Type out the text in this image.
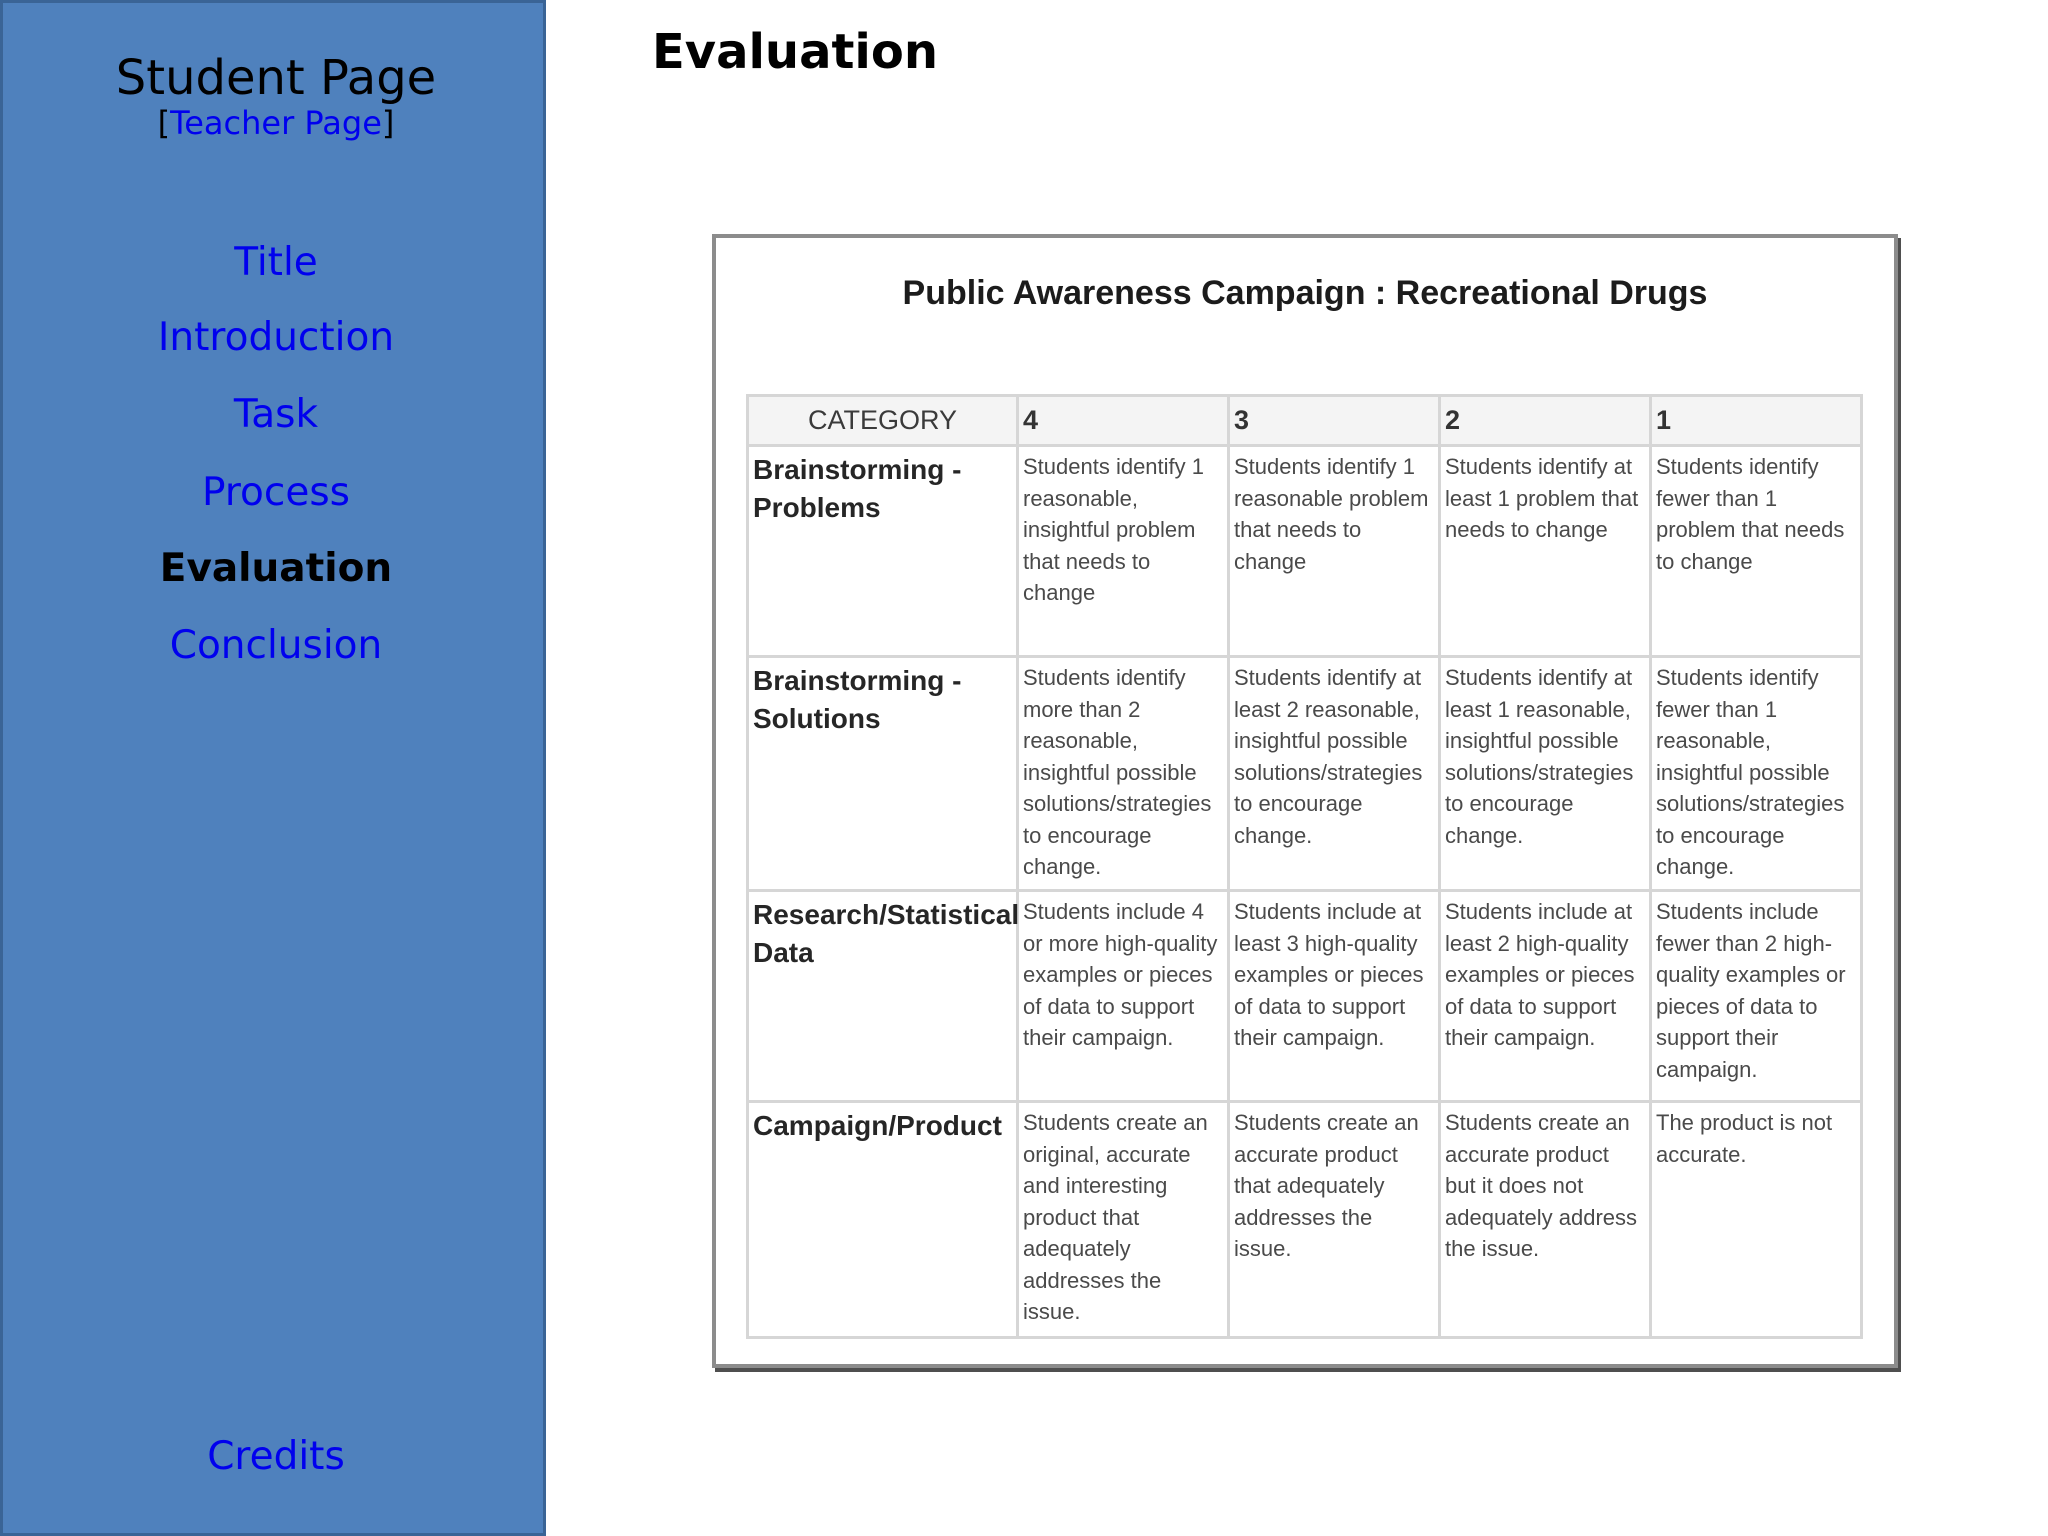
Student Page
[Teacher Page]
Title
Introduction
Task
Process
Evaluation
Conclusion
Credits
Evaluation
Public Awareness Campaign : Recreational Drugs
CATEGORY	4	3	2	1
Brainstorming - Problems	Students identify 1 reasonable, insightful problem that needs to change	Students identify 1 reasonable problem that needs to change	Students identify at least 1 problem that needs to change	Students identify fewer than 1 problem that needs to change
Brainstorming - Solutions	Students identify more than 2 reasonable, insightful possible solutions/strategies to encourage change.	Students identify at least 2 reasonable, insightful possible solutions/strategies to encourage change.	Students identify at least 1 reasonable, insightful possible solutions/strategies to encourage change.	Students identify fewer than 1 reasonable, insightful possible solutions/strategies to encourage change.
Research/Statistical Data	Students include 4 or more high-quality examples or pieces of data to support their campaign.	Students include at least 3 high-quality examples or pieces of data to support their campaign.	Students include at least 2 high-quality examples or pieces of data to support their campaign.	Students include fewer than 2 high-quality examples or pieces of data to support their campaign.
Campaign/Product	Students create an original, accurate and interesting product that adequately addresses the issue.	Students create an accurate product that adequately addresses the issue.	Students create an accurate product but it does not adequately address the issue.	The product is not accurate.
